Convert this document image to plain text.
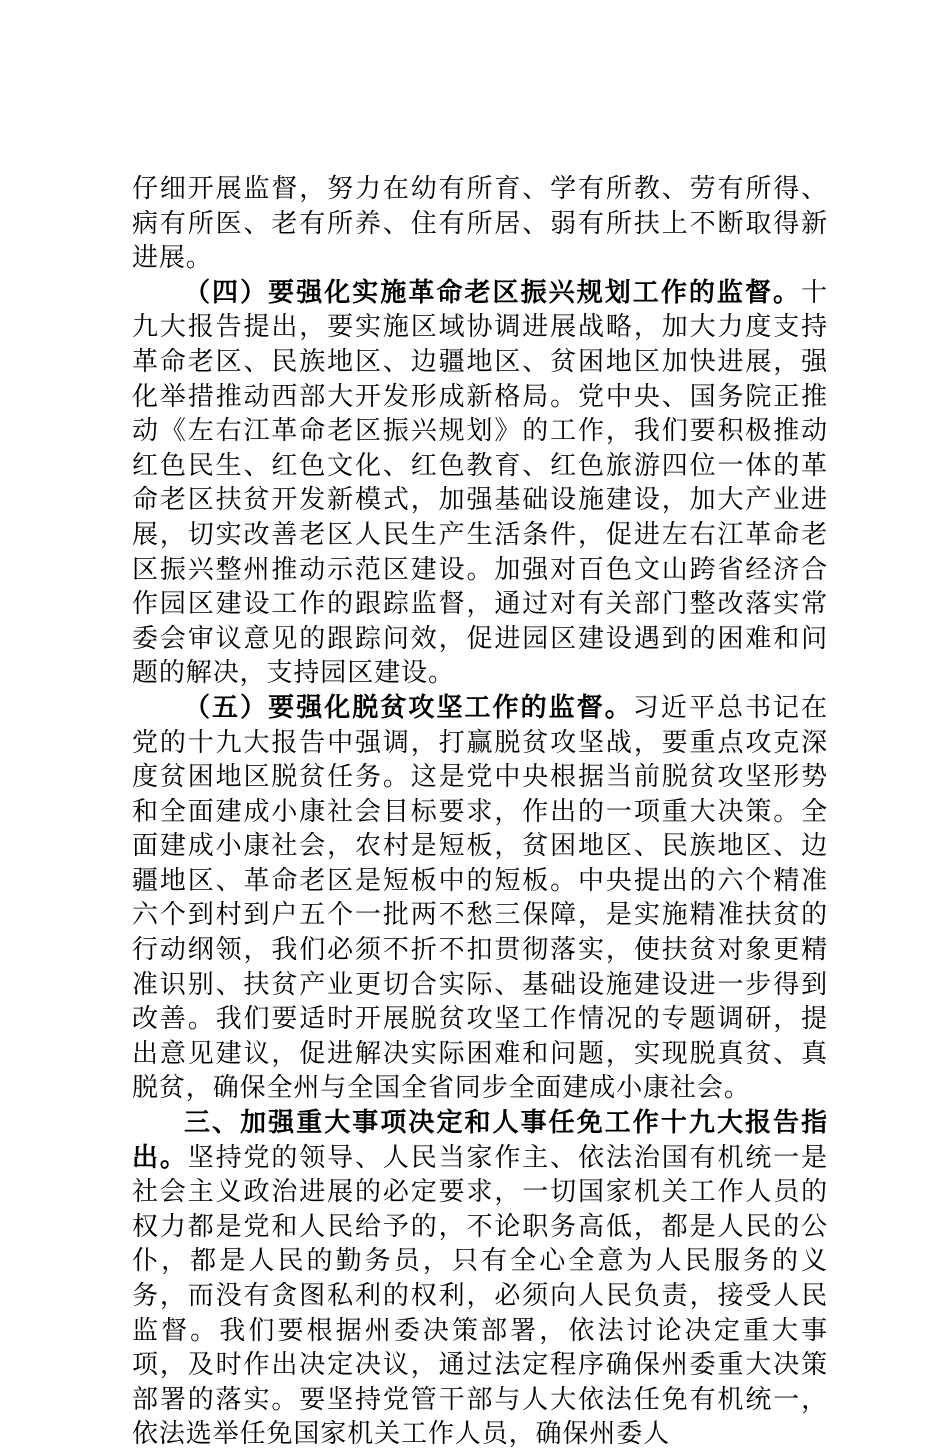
仔细开展监督，努力在幼有所育、学有所教、劳有所得、病有所医、老有所养、住有所居、弱有所扶上不断取得新进展。

（四）要强化实施革命老区振兴规划工作的监督。十九大报告提出，要实施区域协调进展战略，加大力度支持革命老区、民族地区、边疆地区、贫困地区加快进展，强化举措推动西部大开发形成新格局。党中央、国务院正推动《左右江革命老区振兴规划》的工作，我们要积极推动红色民生、红色文化、红色教育、红色旅游四位一体的革命老区扶贫开发新模式，加强基础设施建设，加大产业进展，切实改善老区人民生产生活条件，促进左右江革命老区振兴整州推动示范区建设。加强对百色文山跨省经济合作园区建设工作的跟踪监督，通过对有关部门整改落实常委会审议意见的跟踪问效，促进园区建设遇到的困难和问题的解决，支持园区建设。

（五）要强化脱贫攻坚工作的监督。习近平总书记在党的十九大报告中强调，打赢脱贫攻坚战，要重点攻克深度贫困地区脱贫任务。这是党中央根据当前脱贫攻坚形势和全面建成小康社会目标要求，作出的一项重大决策。全面建成小康社会，农村是短板，贫困地区、民族地区、边疆地区、革命老区是短板中的短板。中央提出的六个精准六个到村到户五个一批两不愁三保障，是实施精准扶贫的行动纲领，我们必须不折不扣贯彻落实，使扶贫对象更精准识别、扶贫产业更切合实际、基础设施建设进一步得到改善。我们要适时开展脱贫攻坚工作情况的专题调研，提出意见建议，促进解决实际困难和问题，实现脱真贫、真脱贫，确保全州与全国全省同步全面建成小康社会。

三、加强重大事项决定和人事任免工作十九大报告指出。坚持党的领导、人民当家作主、依法治国有机统一是社会主义政治进展的必定要求，一切国家机关工作人员的权力都是党和人民给予的，不论职务高低，都是人民的公仆，都是人民的勤务员，只有全心全意为人民服务的义务，而没有贪图私利的权利，必须向人民负责，接受人民监督。我们要根据州委决策部署，依法讨论决定重大事项，及时作出决定决议，通过法定程序确保州委重大决策部署的落实。要坚持党管干部与人大依法任免有机统一，依法选举任免国家机关工作人员，确保州委人
